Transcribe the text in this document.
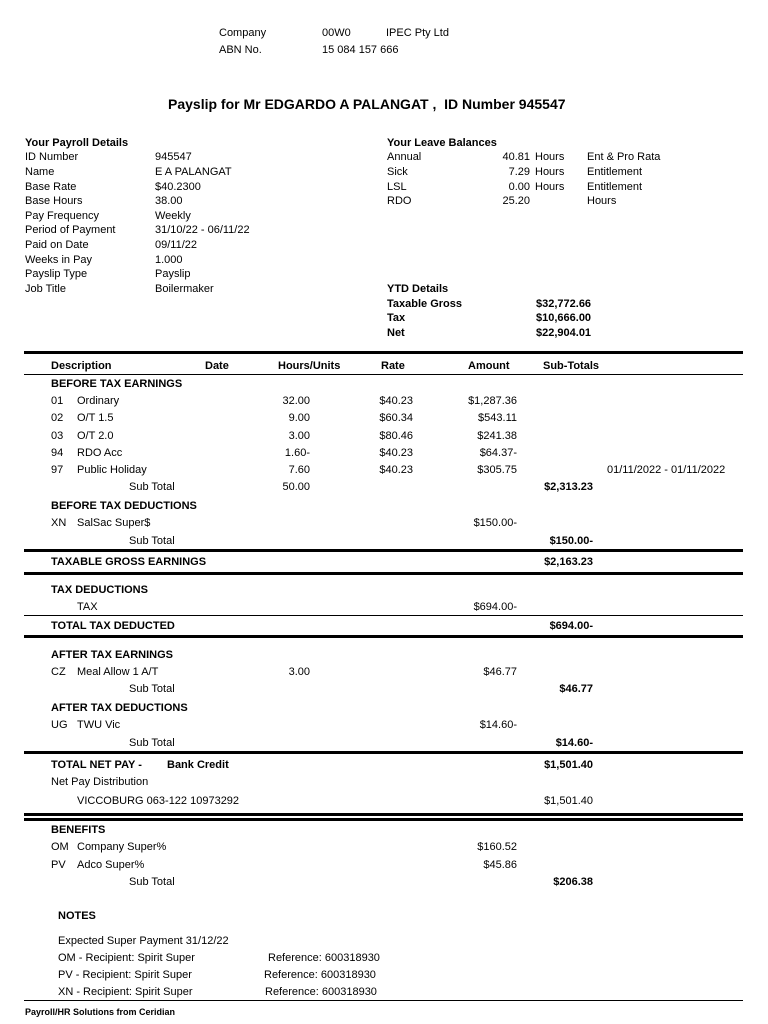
Company	00W0	IPEC Pty Ltd
ABN No.	15 084 157 666
Payslip for Mr EDGARDO A PALANGAT ,  ID Number 945547
Your Payroll Details
ID Number	945547
Name	E A PALANGAT
Base Rate	$40.2300
Base Hours	38.00
Pay Frequency	Weekly
Period of Payment	31/10/22 - 06/11/22
Paid on Date	09/11/22
Weeks in Pay	1.000
Payslip Type	Payslip
Job Title	Boilermaker
Your Leave Balances
Annual	40.81 Hours Ent & Pro Rata
Sick	7.29 Hours Entitlement
LSL	0.00 Hours Entitlement
RDO	25.20	Hours
YTD Details
Taxable Gross	$32,772.66
Tax	$10,666.00
Net	$22,904.01
Description	Date	Hours/Units	Rate	Amount	Sub-Totals
BEFORE TAX EARNINGS
01 Ordinary	32.00	$40.23	$1,287.36
02 O/T 1.5	9.00	$60.34	$543.11
03 O/T 2.0	3.00	$80.46	$241.38
94 RDO Acc	1.60-	$40.23	$64.37-
97 Public Holiday	7.60	$40.23	$305.75	01/11/2022 - 01/11/2022
Sub Total	50.00	$2,313.23
BEFORE TAX DEDUCTIONS
XN SalSac Super$	$150.00-
Sub Total	$150.00-
TAXABLE GROSS EARNINGS	$2,163.23
TAX DEDUCTIONS
TAX	$694.00-
TOTAL TAX DEDUCTED	$694.00-
AFTER TAX EARNINGS
CZ Meal Allow 1 A/T	3.00	$46.77
Sub Total	$46.77
AFTER TAX DEDUCTIONS
UG TWU Vic	$14.60-
Sub Total	$14.60-
TOTAL NET PAY - Bank Credit	$1,501.40
Net Pay Distribution
VICCOBURG 063-122 10973292	$1,501.40
BENEFITS
OM Company Super%	$160.52
PV Adco Super%	$45.86
Sub Total	$206.38
NOTES
Expected Super Payment 31/12/22
OM - Recipient: Spirit Super	Reference: 600318930
PV - Recipient: Spirit Super	Reference: 600318930
XN - Recipient: Spirit Super	Reference: 600318930
Payroll/HR Solutions from Ceridian
